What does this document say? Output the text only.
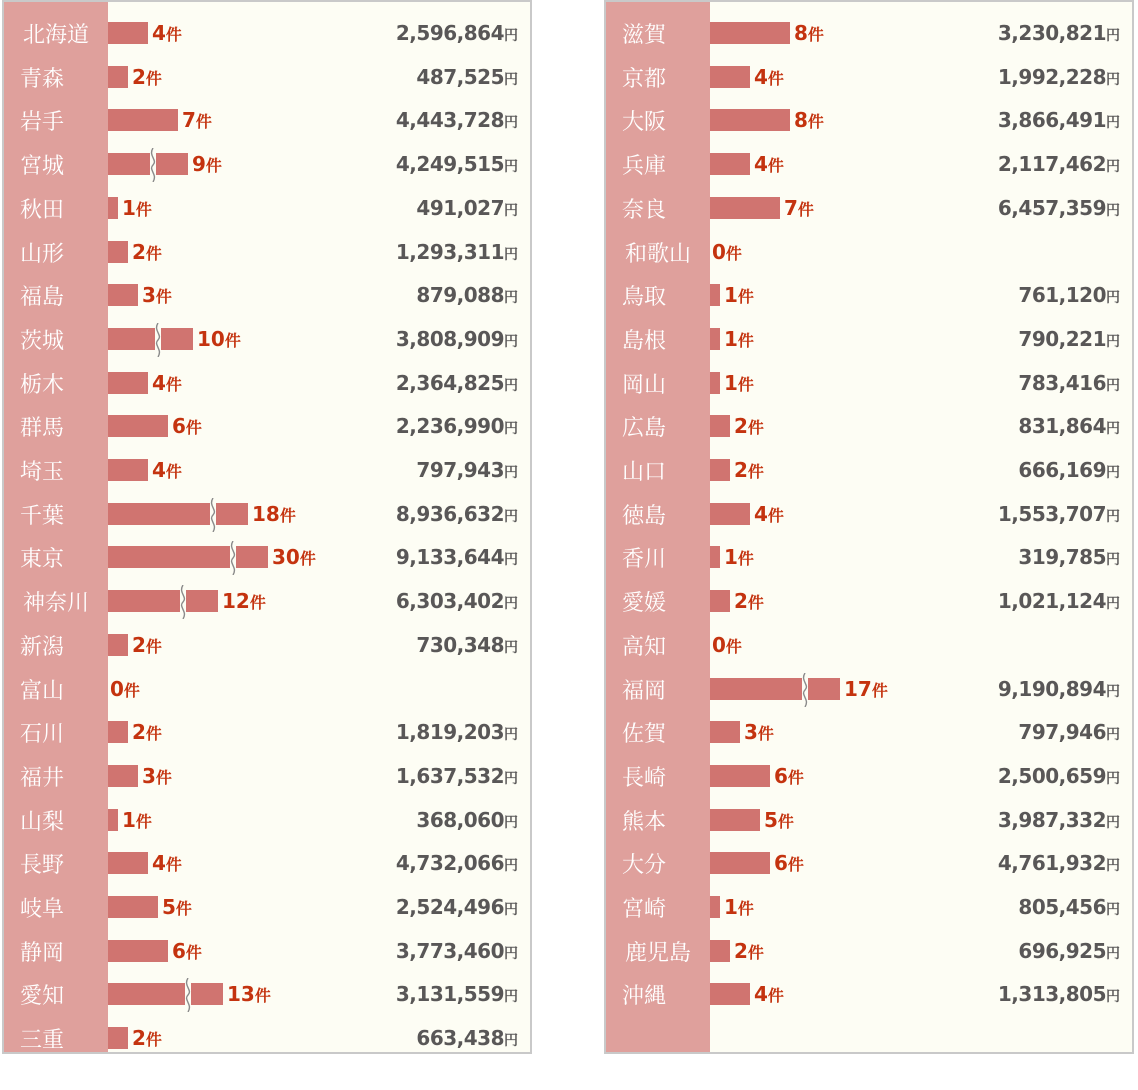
北海道	4件	2,596,864円
青森	2件	487,525円
岩手	7件	4,443,728円
宮城	9件	4,249,515円
秋田	1件	491,027円
山形	2件	1,293,311円
福島	3件	879,088円
茨城	10件	3,808,909円
栃木	4件	2,364,825円
群馬	6件	2,236,990円
埼玉	4件	797,943円
千葉	18件	8,936,632円
東京	30件	9,133,644円
神奈川	12件	6,303,402円
新潟	2件	730,348円
富山	0件
石川	2件	1,819,203円
福井	3件	1,637,532円
山梨	1件	368,060円
長野	4件	4,732,066円
岐阜	5件	2,524,496円
静岡	6件	3,773,460円
愛知	13件	3,131,559円
三重	2件	663,438円
滋賀	8件	3,230,821円
京都	4件	1,992,228円
大阪	8件	3,866,491円
兵庫	4件	2,117,462円
奈良	7件	6,457,359円
和歌山 0件
鳥取	1件	761,120円
島根	1件	790,221円
岡山	1件	783,416円
広島	2件	831,864円
山口	2件	666,169円
徳島	4件	1,553,707円
香川	1件	319,785円
愛媛	2件	1,021,124円
高知	0件
福岡	17件	9,190,894円
佐賀	3件	797,946円
長崎	6件	2,500,659円
熊本	5件	3,987,332円
大分	6件	4,761,932円
宮崎	1件	805,456円
鹿児島 2件	696,925円
沖縄	4件	1,313,805円
